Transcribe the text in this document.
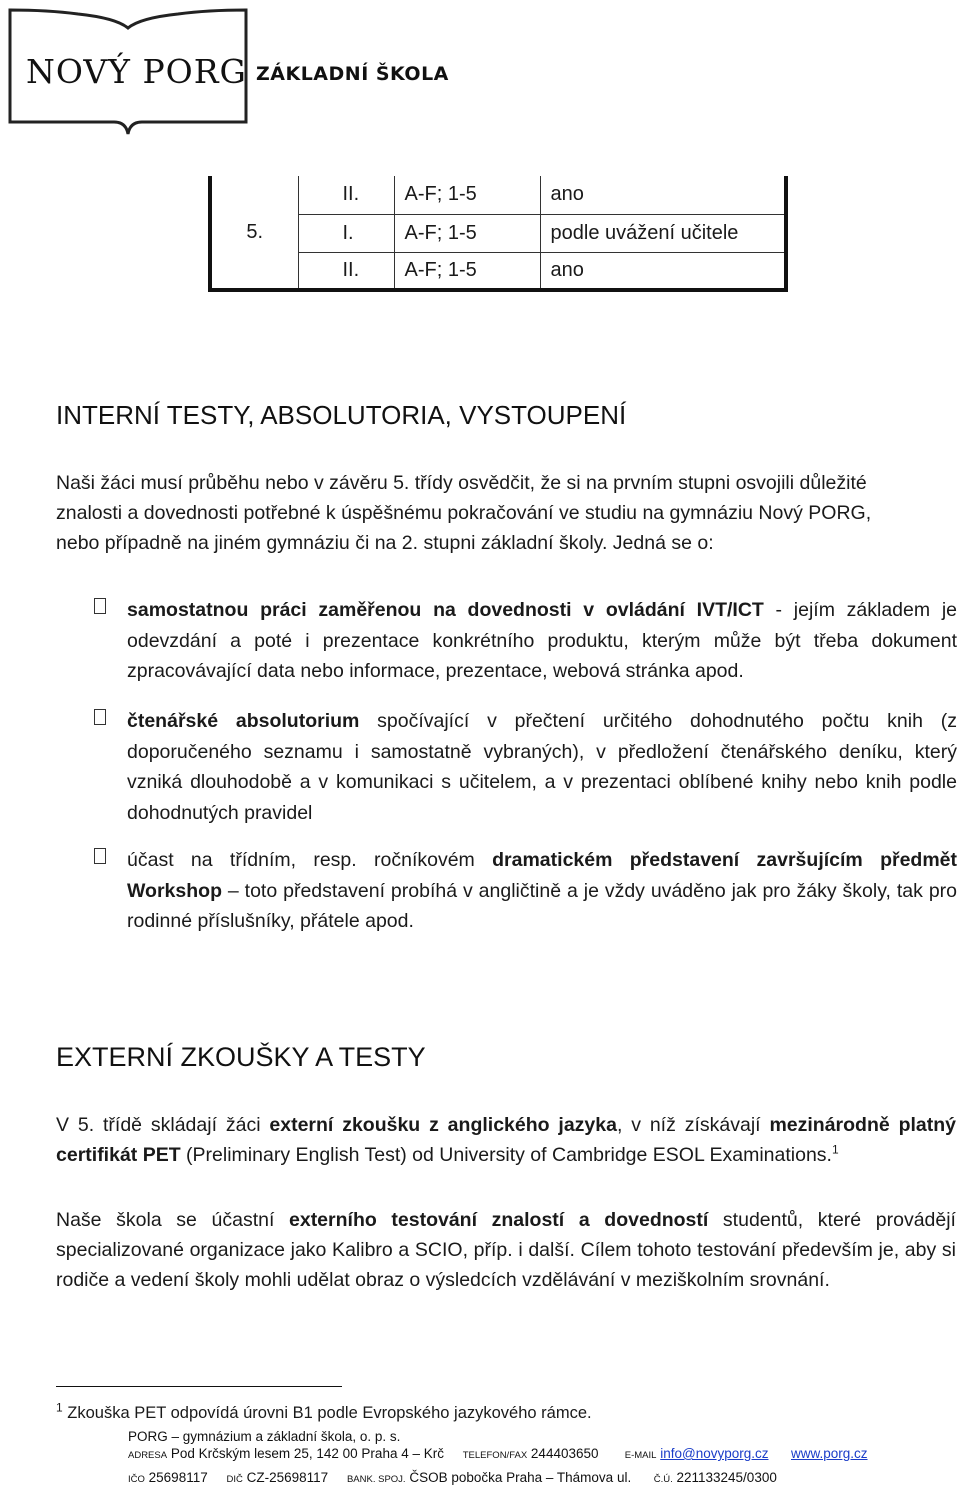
NOVÝ PORG ZÁKLADNÍ ŠKOLA
5.	II.	A-F; 1-5	ano
	I.	A-F; 1-5	podle uvážení učitele
	II.	A-F; 1-5	ano
INTERNÍ TESTY, ABSOLUTORIA, VYSTOUPENÍ
Naši žáci musí průběhu nebo v závěru 5. třídy osvědčit, že si na prvním stupni osvojili důležité
znalosti a dovednosti potřebné k úspěšnému pokračování ve studiu na gymnáziu Nový PORG,
nebo případně na jiném gymnáziu či na 2. stupni základní školy. Jedná se o:
samostatnou práci zaměřenou na dovednosti v ovládání IVT/ICT - jejím základem je odevzdání a poté i prezentace konkrétního produktu, kterým může být třeba dokument zpracovávající data nebo informace, prezentace, webová stránka apod.
čtenářské absolutorium spočívající v přečtení určitého dohodnutého počtu knih (z doporučeného seznamu i samostatně vybraných), v předložení čtenářského deníku, který vzniká dlouhodobě a v komunikaci s učitelem, a v prezentaci oblíbené knihy nebo knih podle dohodnutých pravidel
účast na třídním, resp. ročníkovém dramatickém představení završujícím předmět Workshop – toto představení probíhá v angličtině a je vždy uváděno jak pro žáky školy, tak pro rodinné příslušníky, přátele apod.
EXTERNÍ ZKOUŠKY A TESTY
V 5. třídě skládají žáci externí zkoušku z anglického jazyka, v níž získávají mezinárodně platný certifikát PET (Preliminary English Test) od University of Cambridge ESOL Examinations.$^1$
Naše škola se účastní externího testování znalostí a dovedností studentů, které provádějí specializované organizace jako Kalibro a SCIO, příp. i další. Cílem tohoto testování především je, aby si rodiče a vedení školy mohli udělat obraz o výsledcích vzdělávání v meziškolním srovnání.
$^1$ Zkouška PET odpovídá úrovni B1 podle Evropského jazykového rámce.
PORG – gymnázium a základní škola, o. p. s.
ADRESA Pod Krčským lesem 25, 142 00 Praha 4 – Krč TELEFON/FAX 244403650	E-MAIL info@novyporg.cz www.porg.cz
IČO 25698117 DIČ CZ-25698117 BANK. SPOJ. ČSOB pobočka Praha – Thámova ul. Č.Ú. 221133245/0300
